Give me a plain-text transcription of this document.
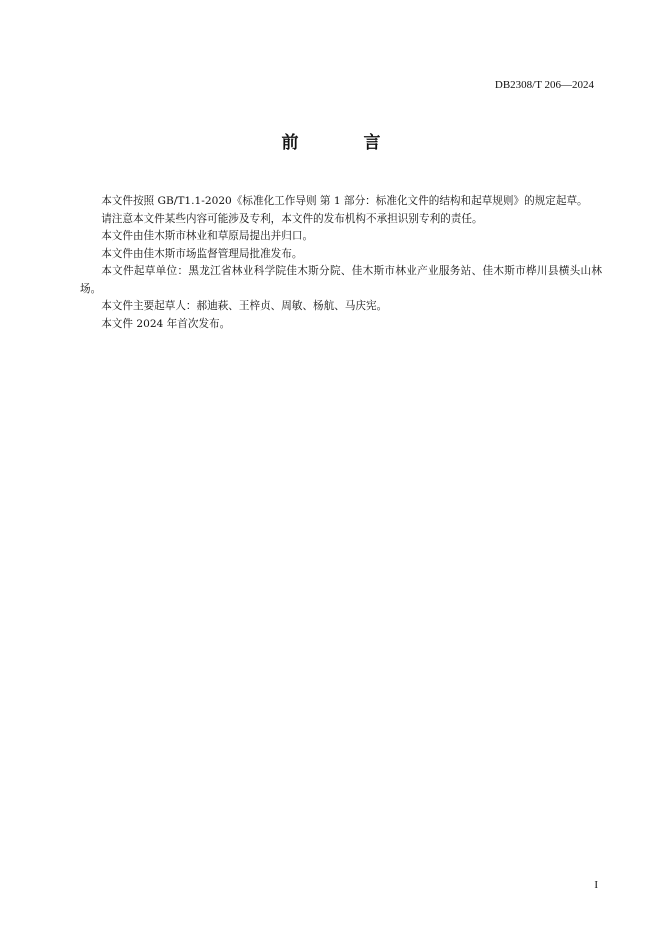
DB2308/T 206—2024
前　言

本文件按照 GB/T1.1-2020《标准化工作导则 第 1 部分：标准化文件的结构和起草规则》的规定起草。

请注意本文件某些内容可能涉及专利，本文件的发布机构不承担识别专利的责任。

本文件由佳木斯市林业和草原局提出并归口。

本文件由佳木斯市场监督管理局批准发布。

本文件起草单位：黑龙江省林业科学院佳木斯分院、佳木斯市林业产业服务站、佳木斯市桦川县横头山林场。

本文件主要起草人：郝迪萩、王梓贞、周敏、杨航、马庆宪。

本文件 2024 年首次发布。

I
